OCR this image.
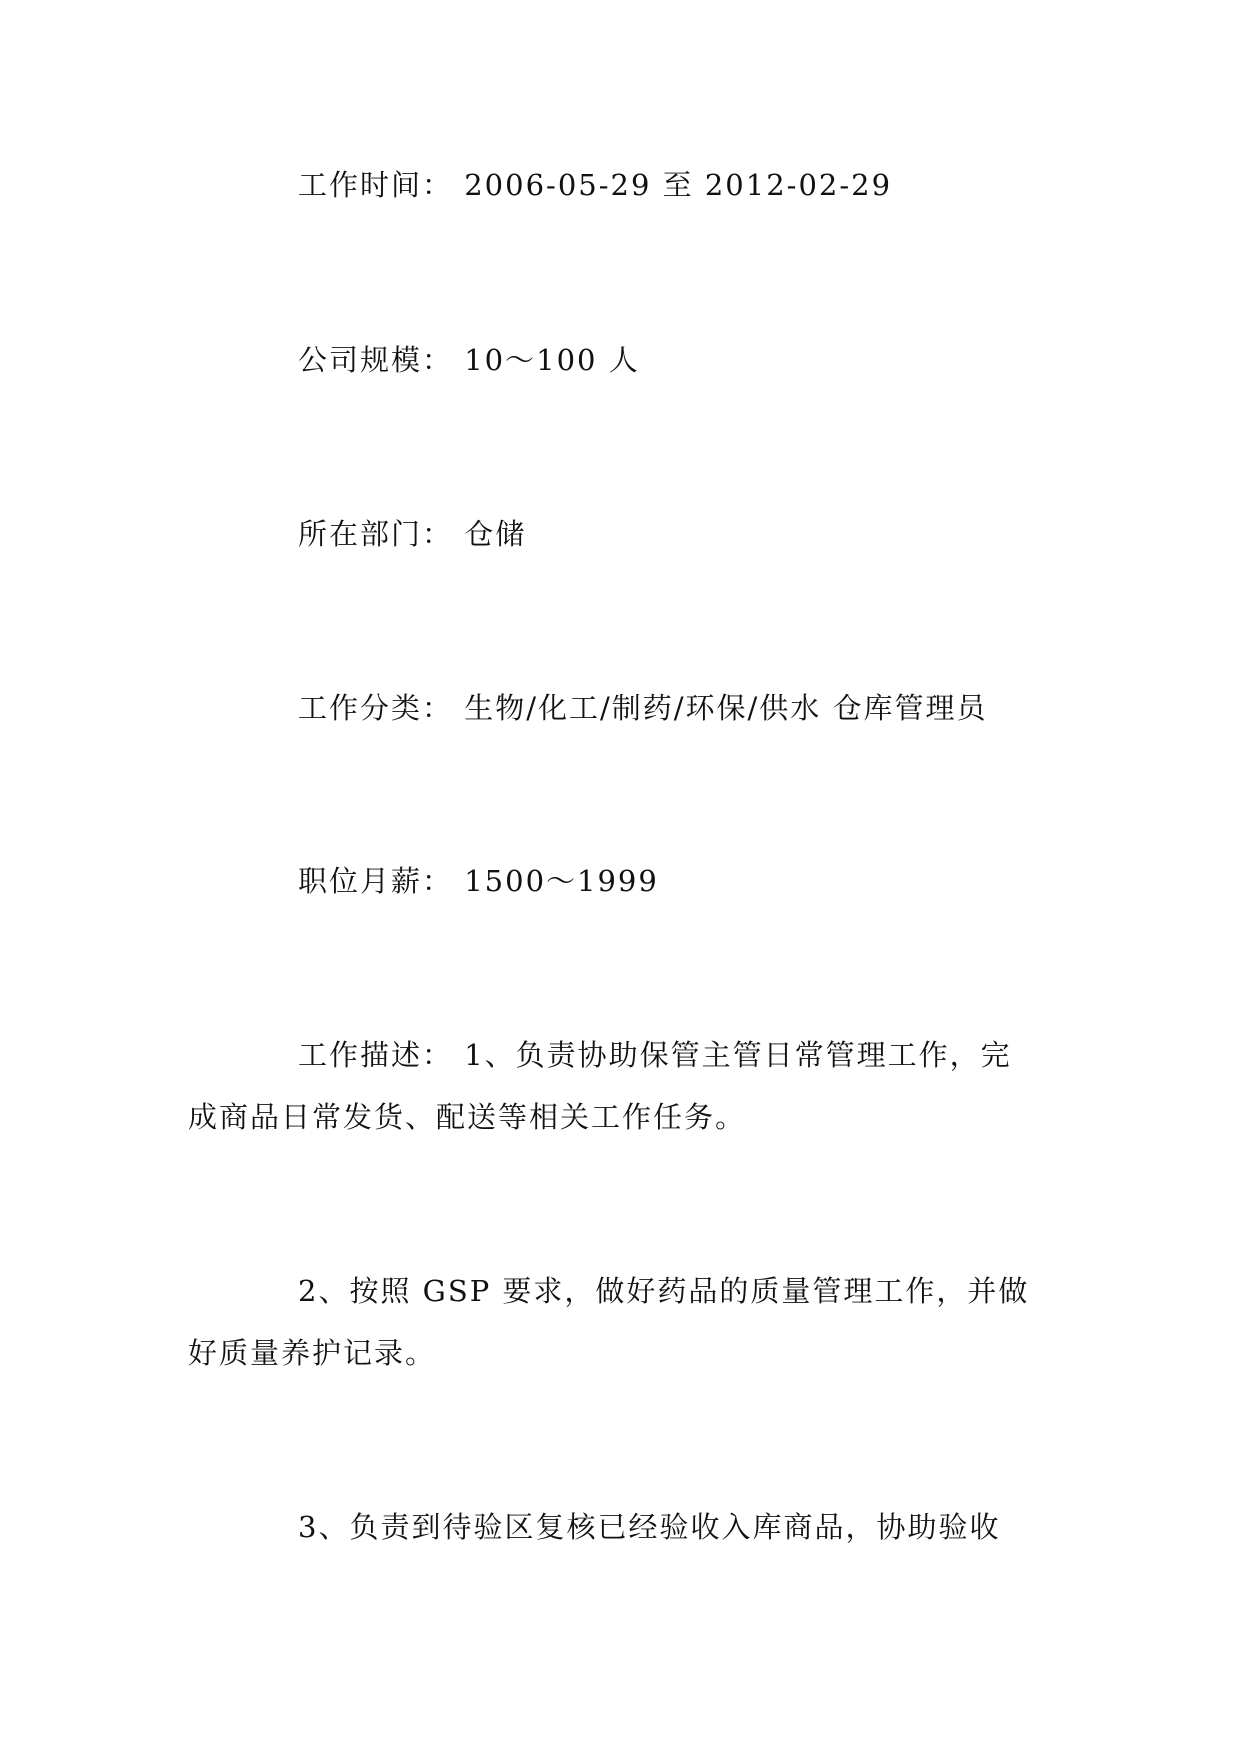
工作时间： 2006-05-29 至 2012-02-29
公司规模： 10～100 人
所在部门： 仓储
工作分类： 生物/化工/制药/环保/供水 仓库管理员
职位月薪： 1500～1999
工作描述： 1、负责协助保管主管日常管理工作，完
成商品日常发货、配送等相关工作任务。
2、按照 GSP 要求，做好药品的质量管理工作，并做
好质量养护记录。
3、负责到待验区复核已经验收入库商品，协助验收
